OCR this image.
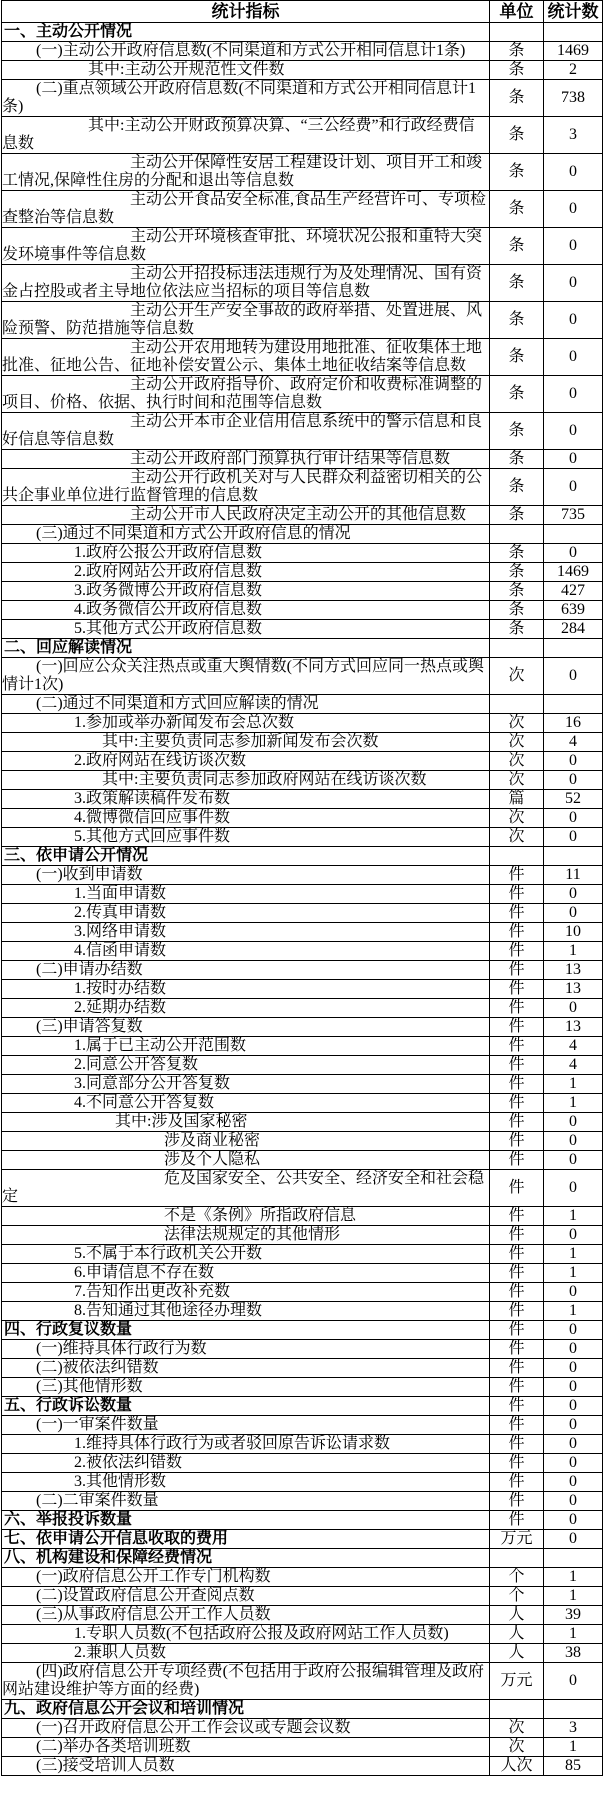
统计指标	单位	统计数
一、主动公开情况		
(一)主动公开政府信息数(不同渠道和方式公开相同信息计1条)	条	1469
其中:主动公开规范性文件数	条	2
(二)重点领域公开政府信息数(不同渠道和方式公开相同信息计1条)	条	738
其中:主动公开财政预算决算、“三公经费”和行政经费信息数	条	3
主动公开保障性安居工程建设计划、项目开工和竣工情况,保障性住房的分配和退出等信息数	条	0
主动公开食品安全标准,食品生产经营许可、专项检查整治等信息数	条	0
主动公开环境核查审批、环境状况公报和重特大突发环境事件等信息数	条	0
主动公开招投标违法违规行为及处理情况、国有资金占控股或者主导地位依法应当招标的项目等信息数	条	0
主动公开生产安全事故的政府举措、处置进展、风险预警、防范措施等信息数	条	0
主动公开农用地转为建设用地批准、征收集体土地批准、征地公告、征地补偿安置公示、集体土地征收结案等信息数	条	0
主动公开政府指导价、政府定价和收费标准调整的项目、价格、依据、执行时间和范围等信息数	条	0
主动公开本市企业信用信息系统中的警示信息和良好信息等信息数	条	0
主动公开政府部门预算执行审计结果等信息数	条	0
主动公开行政机关对与人民群众利益密切相关的公共企事业单位进行监督管理的信息数	条	0
主动公开市人民政府决定主动公开的其他信息数	条	735
(三)通过不同渠道和方式公开政府信息的情况		
1.政府公报公开政府信息数	条	0
2.政府网站公开政府信息数	条	1469
3.政务微博公开政府信息数	条	427
4.政务微信公开政府信息数	条	639
5.其他方式公开政府信息数	条	284
二、回应解读情况		
(一)回应公众关注热点或重大舆情数(不同方式回应同一热点或舆情计1次)	次	0
(二)通过不同渠道和方式回应解读的情况		
1.参加或举办新闻发布会总次数	次	16
其中:主要负责同志参加新闻发布会次数	次	4
2.政府网站在线访谈次数	次	0
其中:主要负责同志参加政府网站在线访谈次数	次	0
3.政策解读稿件发布数	篇	52
4.微博微信回应事件数	次	0
5.其他方式回应事件数	次	0
三、依申请公开情况		
(一)收到申请数	件	11
1.当面申请数	件	0
2.传真申请数	件	0
3.网络申请数	件	10
4.信函申请数	件	1
(二)申请办结数	件	13
1.按时办结数	件	13
2.延期办结数	件	0
(三)申请答复数	件	13
1.属于已主动公开范围数	件	4
2.同意公开答复数	件	4
3.同意部分公开答复数	件	1
4.不同意公开答复数	件	1
其中:涉及国家秘密	件	0
涉及商业秘密	件	0
涉及个人隐私	件	0
危及国家安全、公共安全、经济安全和社会稳定	件	0
不是《条例》所指政府信息	件	1
法律法规规定的其他情形	件	0
5.不属于本行政机关公开数	件	1
6.申请信息不存在数	件	1
7.告知作出更改补充数	件	0
8.告知通过其他途径办理数	件	1
四、行政复议数量	件	0
(一)维持具体行政行为数	件	0
(二)被依法纠错数	件	0
(三)其他情形数	件	0
五、行政诉讼数量	件	0
(一)一审案件数量	件	0
1.维持具体行政行为或者驳回原告诉讼请求数	件	0
2.被依法纠错数	件	0
3.其他情形数	件	0
(二)二审案件数量	件	0
六、举报投诉数量	件	0
七、依申请公开信息收取的费用	万元	0
八、机构建设和保障经费情况		
(一)政府信息公开工作专门机构数	个	1
(二)设置政府信息公开查阅点数	个	1
(三)从事政府信息公开工作人员数	人	39
1.专职人员数(不包括政府公报及政府网站工作人员数)	人	1
2.兼职人员数	人	38
(四)政府信息公开专项经费(不包括用于政府公报编辑管理及政府网站建设维护等方面的经费)	万元	0
九、政府信息公开会议和培训情况		
(一)召开政府信息公开工作会议或专题会议数	次	3
(二)举办各类培训班数	次	1
(三)接受培训人员数	人次	85
